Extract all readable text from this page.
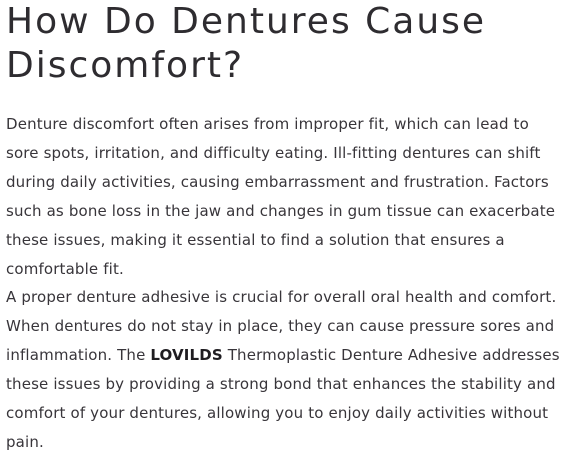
How Do Dentures Cause Discomfort?

Denture discomfort often arises from improper fit, which can lead to sore spots, irritation, and difficulty eating. Ill-fitting dentures can shift during daily activities, causing embarrassment and frustration. Factors such as bone loss in the jaw and changes in gum tissue can exacerbate these issues, making it essential to find a solution that ensures a comfortable fit.

A proper denture adhesive is crucial for overall oral health and comfort. When dentures do not stay in place, they can cause pressure sores and inflammation. The LOVILDS Thermoplastic Denture Adhesive addresses these issues by providing a strong bond that enhances the stability and comfort of your dentures, allowing you to enjoy daily activities without pain.
